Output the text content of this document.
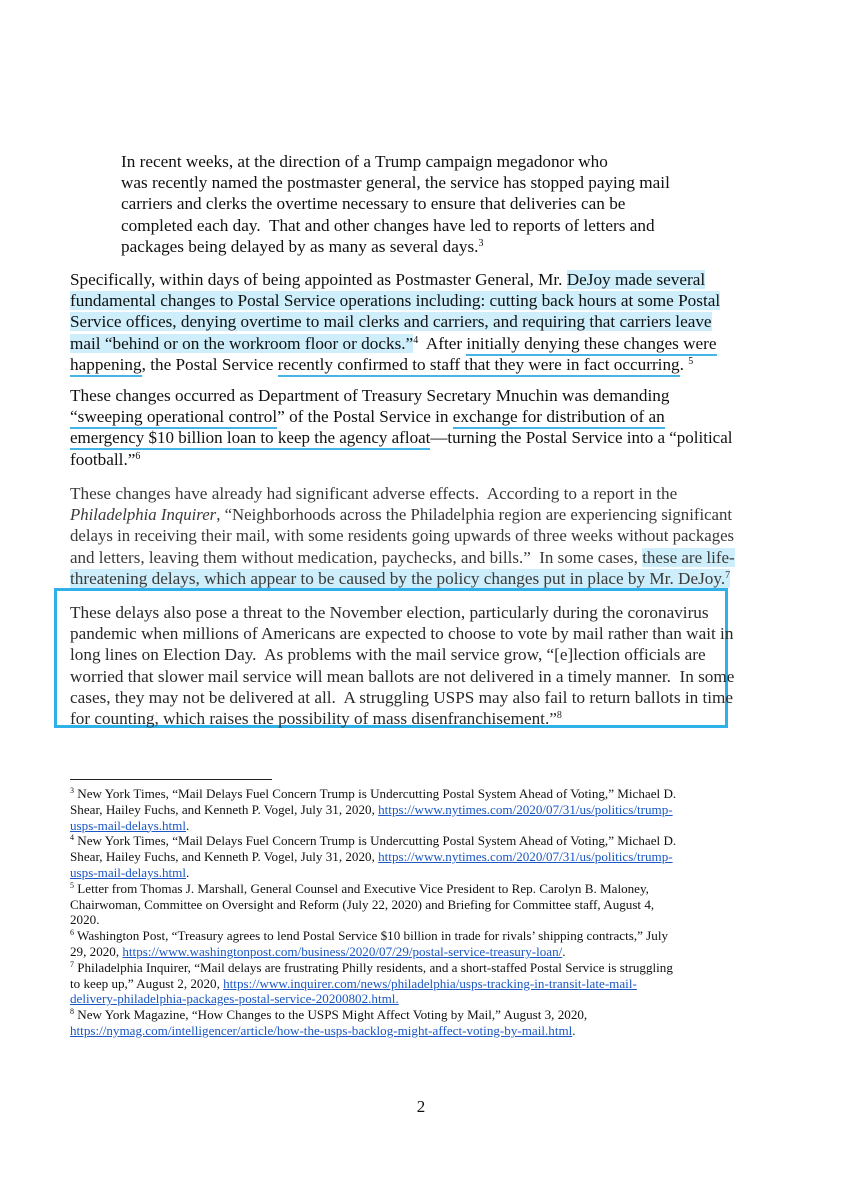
In recent weeks, at the direction of a Trump campaign megadonor who
was recently named the postmaster general, the service has stopped paying mail
carriers and clerks the overtime necessary to ensure that deliveries can be
completed each day.  That and other changes have led to reports of letters and
packages being delayed by as many as several days.$^3$
Specifically, within days of being appointed as Postmaster General, Mr. DeJoy made several
fundamental changes to Postal Service operations including: cutting back hours at some Postal
Service offices, denying overtime to mail clerks and carriers, and requiring that carriers leave
mail “behind or on the workroom floor or docks.”$^4$  After initially denying these changes were
happening, the Postal Service recently confirmed to staff that they were in fact occurring. $^5$
These changes occurred as Department of Treasury Secretary Mnuchin was demanding
“sweeping operational control” of the Postal Service in exchange for distribution of an
emergency $10 billion loan to keep the agency afloat—turning the Postal Service into a “political
football.”$^6$
These changes have already had significant adverse effects.  According to a report in the
Philadelphia Inquirer, “Neighborhoods across the Philadelphia region are experiencing significant
delays in receiving their mail, with some residents going upwards of three weeks without packages
and letters, leaving them without medication, paychecks, and bills.”  In some cases, these are life-
threatening delays, which appear to be caused by the policy changes put in place by Mr. DeJoy.$^7$
These delays also pose a threat to the November election, particularly during the coronavirus
pandemic when millions of Americans are expected to choose to vote by mail rather than wait in
long lines on Election Day.  As problems with the mail service grow, “[e]lection officials are
worried that slower mail service will mean ballots are not delivered in a timely manner.  In some
cases, they may not be delivered at all.  A struggling USPS may also fail to return ballots in time
for counting, which raises the possibility of mass disenfranchisement.”$^8$

$^3$ New York Times, “Mail Delays Fuel Concern Trump is Undercutting Postal System Ahead of Voting,” Michael D.
Shear, Hailey Fuchs, and Kenneth P. Vogel, July 31, 2020, https://www.nytimes.com/2020/07/31/us/politics/trump-
usps-mail-delays.html.

$^4$ New York Times, “Mail Delays Fuel Concern Trump is Undercutting Postal System Ahead of Voting,” Michael D.
Shear, Hailey Fuchs, and Kenneth P. Vogel, July 31, 2020, https://www.nytimes.com/2020/07/31/us/politics/trump-
usps-mail-delays.html.

$^5$ Letter from Thomas J. Marshall, General Counsel and Executive Vice President to Rep. Carolyn B. Maloney,
Chairwoman, Committee on Oversight and Reform (July 22, 2020) and Briefing for Committee staff, August 4,
2020.

$^6$ Washington Post, “Treasury agrees to lend Postal Service $10 billion in trade for rivals’ shipping contracts,” July
29, 2020, https://www.washingtonpost.com/business/2020/07/29/postal-service-treasury-loan/.

$^7$ Philadelphia Inquirer, “Mail delays are frustrating Philly residents, and a short-staffed Postal Service is struggling
to keep up,” August 2, 2020, https://www.inquirer.com/news/philadelphia/usps-tracking-in-transit-late-mail-
delivery-philadelphia-packages-postal-service-20200802.html.

$^8$ New York Magazine, “How Changes to the USPS Might Affect Voting by Mail,” August 3, 2020,
https://nymag.com/intelligencer/article/how-the-usps-backlog-might-affect-voting-by-mail.html.

2
